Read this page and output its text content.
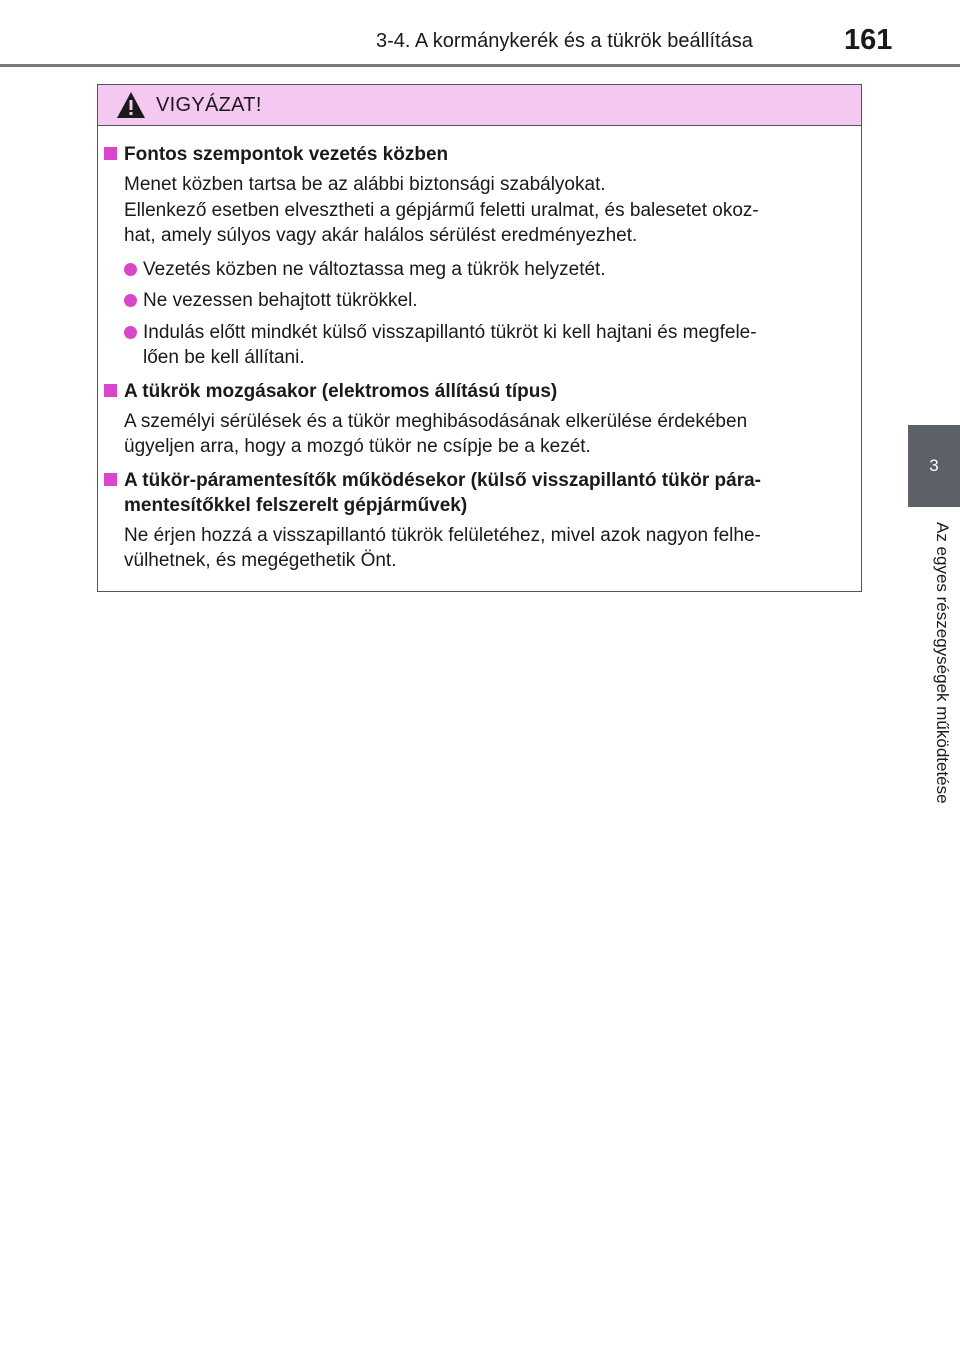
3-4. A kormánykerék és a tükrök beállítása	161
3
Az egyes részegységek működtetése
VIGYÁZAT!
Fontos szempontok vezetés közben
Menet közben tartsa be az alábbi biztonsági szabályokat.
Ellenkező esetben elvesztheti a gépjármű feletti uralmat, és balesetet okoz-
hat, amely súlyos vagy akár halálos sérülést eredményezhet.
Vezetés közben ne változtassa meg a tükrök helyzetét.
Ne vezessen behajtott tükrökkel.
Indulás előtt mindkét külső visszapillantó tükröt ki kell hajtani és megfele-
lően be kell állítani.
A tükrök mozgásakor (elektromos állítású típus)
A személyi sérülések és a tükör meghibásodásának elkerülése érdekében
ügyeljen arra, hogy a mozgó tükör ne csípje be a kezét.
A tükör-páramentesítők működésekor (külső visszapillantó tükör pára-
mentesítőkkel felszerelt gépjárművek)
Ne érjen hozzá a visszapillantó tükrök felületéhez, mivel azok nagyon felhe-
vülhetnek, és megégethetik Önt.
